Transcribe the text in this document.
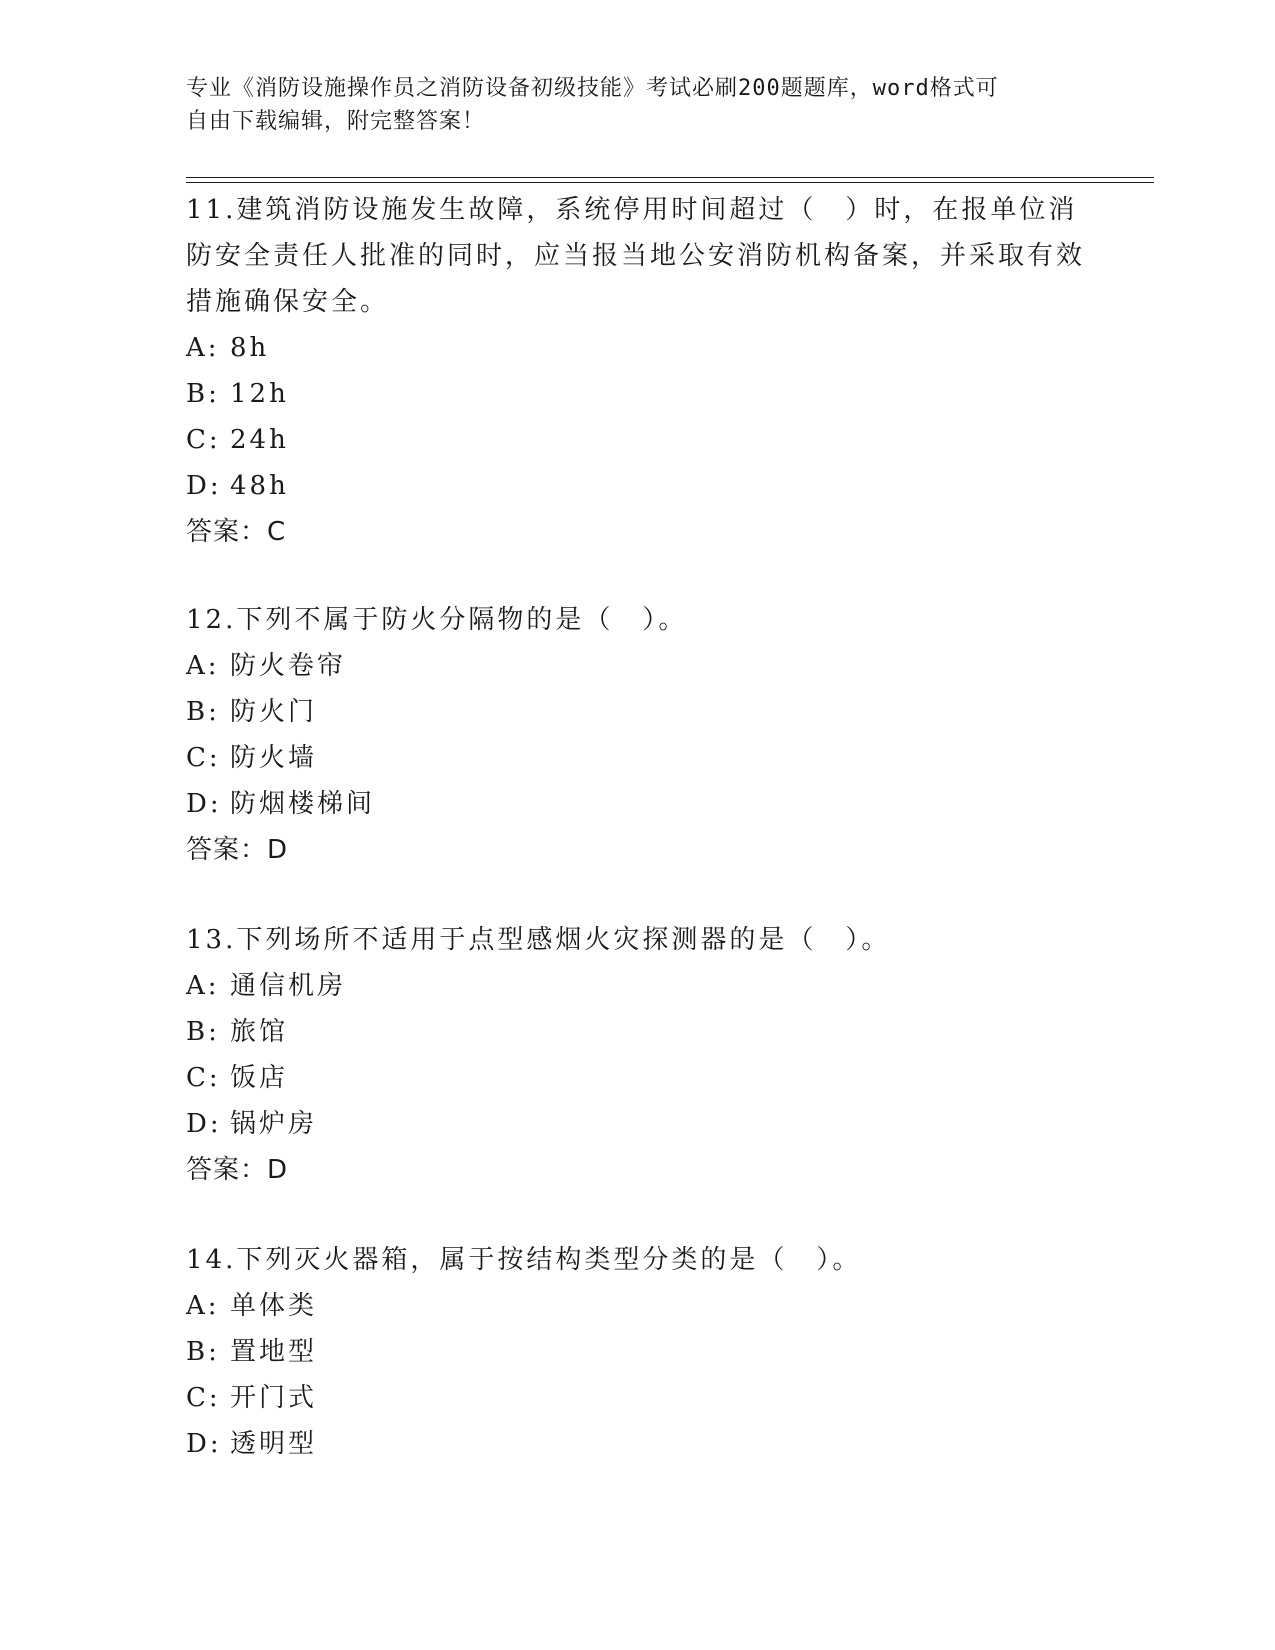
专业《消防设施操作员之消防设备初级技能》考试必刷200题题库，word格式可
自由下载编辑，附完整答案！

11.建筑消防设施发生故障，系统停用时间超过（　）时，在报单位消防安全责任人批准的同时，应当报当地公安消防机构备案，并采取有效措施确保安全。

A: 8h

B: 12h

C: 24h

D: 48h

答案：C

12.下列不属于防火分隔物的是（　）。

A: 防火卷帘

B: 防火门

C: 防火墙

D: 防烟楼梯间

答案：D

13.下列场所不适用于点型感烟火灾探测器的是（　）。

A: 通信机房

B: 旅馆

C: 饭店

D: 锅炉房

答案：D

14.下列灭火器箱，属于按结构类型分类的是（　）。

A: 单体类

B: 置地型

C: 开门式

D: 透明型
